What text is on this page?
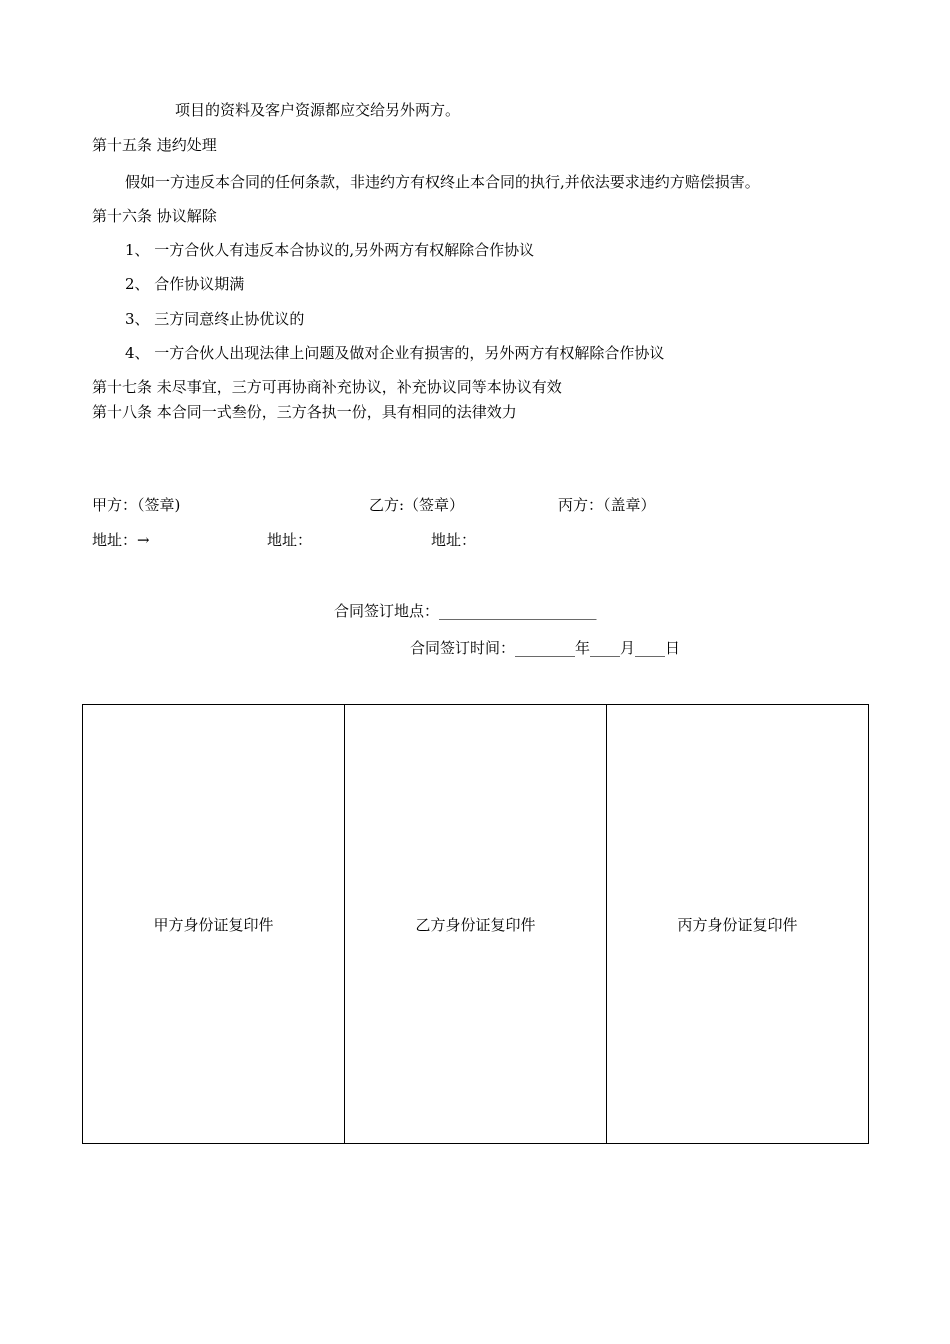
项目的资料及客户资源都应交给另外两方。
第十五条 违约处理
假如一方违反本合同的任何条款，非违约方有权终止本合同的执行,并依法要求违约方赔偿损害。
第十六条 协议解除
1、 一方合伙人有违反本合协议的,另外两方有权解除合作协议
2、 合作协议期满
3、 三方同意终止协优议的
4、 一方合伙人出现法律上问题及做对企业有损害的，另外两方有权解除合作协议
第十七条 未尽事宜，三方可再协商补充协议，补充协议同等本协议有效
第十八条 本合同一式叁份，三方各执一份，具有相同的法律效力
甲方：（签章)	乙方:（签章）	丙方：（盖章）
地址：→	地址：	地址：
合同签订地点：_____________________
合同签订时间：________年____月____日
甲方身份证复印件	乙方身份证复印件	丙方身份证复印件
